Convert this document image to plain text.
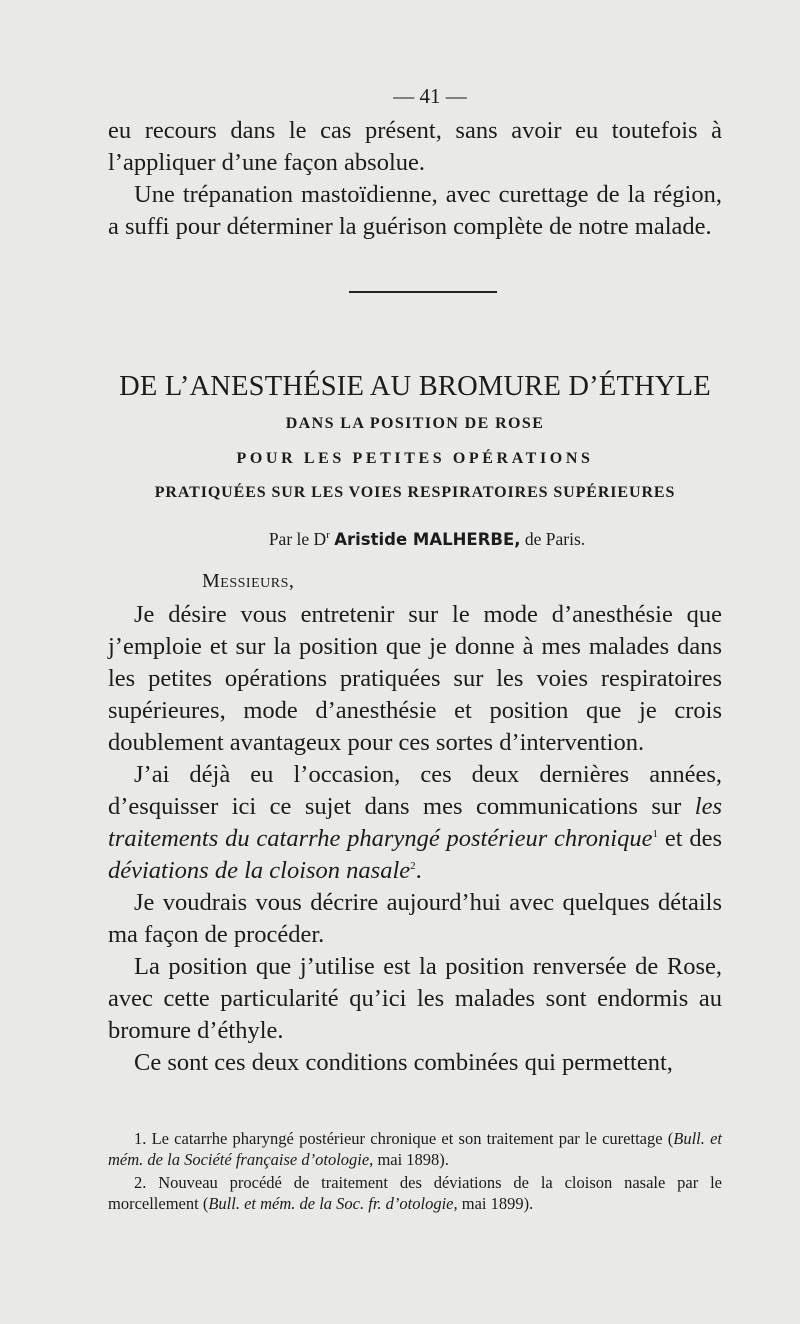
— 41 —

eu recours dans le cas présent, sans avoir eu toutefois à l’appliquer d’une façon absolue.

Une trépanation mastoïdienne, avec curettage de la région, a suffi pour déterminer la guérison complète de notre malade.

DE L’ANESTHÉSIE AU BROMURE D’ÉTHYLE
DANS LA POSITION DE ROSE
POUR LES PETITES OPÉRATIONS
PRATIQUÉES SUR LES VOIES RESPIRATOIRES SUPÉRIEURES
Par le $D^r$ Aristide MALHERBE, de Paris.
Messieurs,

Je désire vous entretenir sur le mode d’anesthésie que j’emploie et sur la position que je donne à mes malades dans les petites opérations pratiquées sur les voies respiratoires supérieures, mode d’anesthésie et position que je crois doublement avantageux pour ces sortes d’intervention.

J’ai déjà eu l’occasion, ces deux dernières années, d’esquisser ici ce sujet dans mes communications sur les traitements du catarrhe pharyngé postérieur chronique$^1$ et des déviations de la cloison nasale$^2$.

Je voudrais vous décrire aujourd’hui avec quelques détails ma façon de procéder.

La position que j’utilise est la position renversée de Rose, avec cette particularité qu’ici les malades sont endormis au bromure d’éthyle.

Ce sont ces deux conditions combinées qui permettent,

1. Le catarrhe pharyngé postérieur chronique et son traitement par le curettage (Bull. et mém. de la Société française d’otologie, mai 1898).

2. Nouveau procédé de traitement des déviations de la cloison nasale par le morcellement (Bull. et mém. de la Soc. fr. d’otologie, mai 1899).
